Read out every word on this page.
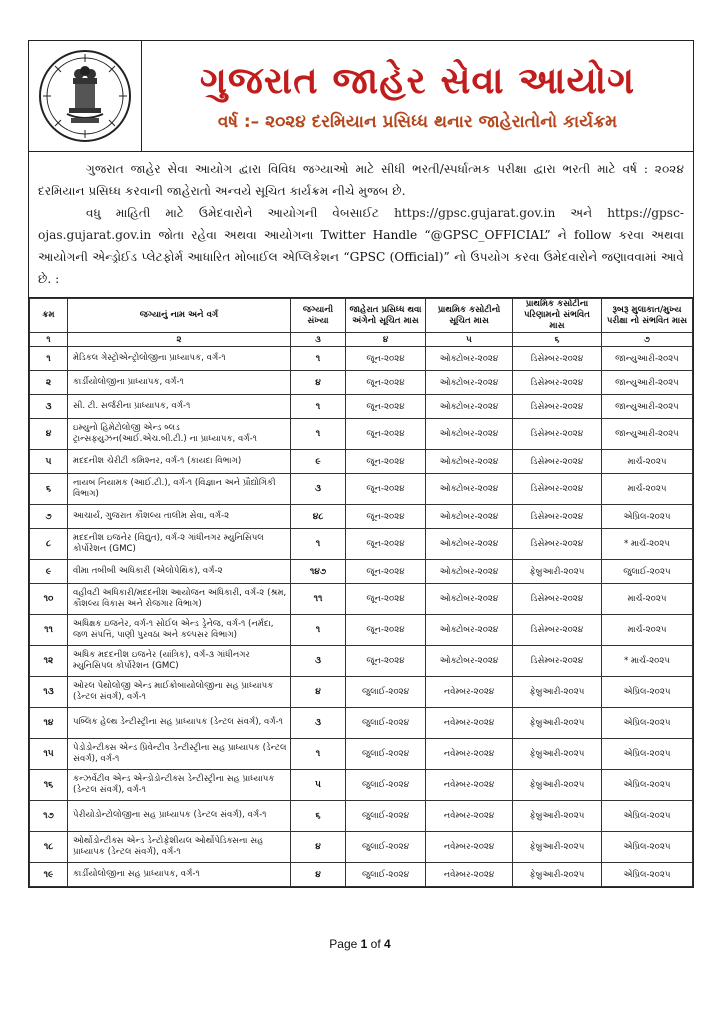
ગુજરાત જાહેર સેવા આયોગ
વર્ષ :– ૨૦૨૪ દરમિયાન પ્રસિધ્ધ થનાર જાહેરાતોનો કાર્યક્રમ

ગુજરાત જાહેર સેવા આયોગ દ્વારા વિવિધ જગ્યાઓ માટે સીધી ભરતી/સ્પર્ધાત્મક પરીક્ષા દ્વારા ભરતી માટે વર્ષ : ૨૦૨૪ દરમિયાન પ્રસિધ્ધ કરવાની જાહેરાતો અન્વયે સૂચિત કાર્યક્રમ નીચે મુજબ છે.

વધુ માહિતી માટે ઉમેદવારોને આયોગની વેબસાઈટ https://gpsc.gujarat.gov.in અને https://gpsc-ojas.gujarat.gov.in જોતા રહેવા અથવા આયોગના Twitter Handle “@GPSC_OFFICIAL” ને follow કરવા અથવા આયોગની એન્ડ્રોઈડ પ્લેટફોર્મ આધારિત મોબાઈલ એપ્લિકેશન “GPSC (Official)” નો ઉપયોગ કરવા ઉમેદવારોને જણાવવામાં આવે છે. :

ક્રમ	જગ્યાનું નામ અને વર્ગ	જગ્યાની સંખ્યા	જાહેરાત પ્રસિધ્ધ થવા અંગેનો સૂચિત માસ	પ્રાથમિક કસોટીનો સૂચિત માસ	પ્રાથમિક કસોટીના પરિણામનો સંભવિત માસ	રૂબરૂ મુલાકાત/મુખ્ય પરીક્ષા નો સંભવિત માસ
૧	૨	૩	૪	૫	૬	૭
૧	મેડિકલ ગેસ્ટ્રોએન્ટ્રોલોજીના પ્રાધ્યાપક, વર્ગ-૧	૧	જૂન-૨૦૨૪	ઓક્ટોબર-૨૦૨૪	ડિસેમ્બર-૨૦૨૪	જાન્યુઆરી-૨૦૨૫
૨	કાર્ડીયોલોજીના પ્રાધ્યાપક, વર્ગ-૧	૪	જૂન-૨૦૨૪	ઓક્ટોબર-૨૦૨૪	ડિસેમ્બર-૨૦૨૪	જાન્યુઆરી-૨૦૨૫
૩	સી. ટી. સર્જરીના પ્રાધ્યાપક, વર્ગ-૧	૧	જૂન-૨૦૨૪	ઓક્ટોબર-૨૦૨૪	ડિસેમ્બર-૨૦૨૪	જાન્યુઆરી-૨૦૨૫
૪	ઇમ્યુનો હિમેટોલોજી એન્ડ બ્લડ ટ્રાન્સફ્યુઝન(આઈ.એચ.બી.ટી.) ના પ્રાધ્યાપક, વર્ગ-૧	૧	જૂન-૨૦૨૪	ઓક્ટોબર-૨૦૨૪	ડિસેમ્બર-૨૦૨૪	જાન્યુઆરી-૨૦૨૫
૫	મદદનીશ ચેરીટી કમિશ્નર, વર્ગ-૧ (કાયદા વિભાગ)	૯	જૂન-૨૦૨૪	ઓક્ટોબર-૨૦૨૪	ડિસેમ્બર-૨૦૨૪	માર્ચ-૨૦૨૫
૬	નાયબ નિયામક (આઈ.ટી.), વર્ગ-૧ (વિજ્ઞાન અને પ્રૌદ્યોગિકી વિભાગ)	૩	જૂન-૨૦૨૪	ઓક્ટોબર-૨૦૨૪	ડિસેમ્બર-૨૦૨૪	માર્ચ-૨૦૨૫
૭	આચાર્ય, ગુજરાત કૌશલ્ય તાલીમ સેવા, વર્ગ-૨	૪૮	જૂન-૨૦૨૪	ઓક્ટોબર-૨૦૨૪	ડિસેમ્બર-૨૦૨૪	એપ્રિલ-૨૦૨૫
૮	મદદનીશ ઇજનેર (વિદ્યુત), વર્ગ-૨ ગાંધીનગર મ્યુનિસિપલ કોર્પોરેશન (GMC)	૧	જૂન-૨૦૨૪	ઓક્ટોબર-૨૦૨૪	ડિસેમ્બર-૨૦૨૪	* માર્ચ-૨૦૨૫
૯	વીમા તબીબી અધિકારી (એલોપેથિક), વર્ગ-૨	૧૪૭	જૂન-૨૦૨૪	ઓક્ટોબર-૨૦૨૪	ફેબ્રુઆરી-૨૦૨૫	જુલાઈ-૨૦૨૫
૧૦	વહીવટી અધિકારી/મદદનીશ આયોજન અધિકારી, વર્ગ-૨ (શ્રમ, કૌશલ્ય વિકાસ અને રોજગાર વિભાગ)	૧૧	જૂન-૨૦૨૪	ઓક્ટોબર-૨૦૨૪	ડિસેમ્બર-૨૦૨૪	માર્ચ-૨૦૨૫
૧૧	અધિક્ષક ઇજનેર, વર્ગ-૧ સોઈલ એન્ડ ડ્રેનેજ, વર્ગ-૧ (નર્મદા, જળ સંપત્તિ, પાણી પુરવઠા અને કલ્પસર વિભાગ)	૧	જૂન-૨૦૨૪	ઓક્ટોબર-૨૦૨૪	ડિસેમ્બર-૨૦૨૪	માર્ચ-૨૦૨૫
૧૨	અધિક મદદનીશ ઇજનેર (યાંત્રિક), વર્ગ-૩ ગાંધીનગર મ્યુનિસિપલ કોર્પોરેશન (GMC)	૩	જૂન-૨૦૨૪	ઓક્ટોબર-૨૦૨૪	ડિસેમ્બર-૨૦૨૪	* માર્ચ-૨૦૨૫
૧૩	ઓરલ પેથોલોજી એન્ડ માઈક્રોબાયોલોજીના સહ પ્રાધ્યાપક (ડેન્ટલ સંવર્ગ), વર્ગ-૧	૪	જુલાઈ-૨૦૨૪	નવેમ્બર-૨૦૨૪	ફેબ્રુઆરી-૨૦૨૫	એપ્રિલ-૨૦૨૫
૧૪	પબ્લિક હેલ્થ ડેન્ટીસ્ટ્રીના સહ પ્રાધ્યાપક (ડેન્ટલ સંવર્ગ), વર્ગ-૧	૩	જુલાઈ-૨૦૨૪	નવેમ્બર-૨૦૨૪	ફેબ્રુઆરી-૨૦૨૫	એપ્રિલ-૨૦૨૫
૧૫	પેડોડોન્ટીક્સ એન્ડ પ્રિવેન્ટીવ ડેન્ટીસ્ટ્રીના સહ પ્રાધ્યાપક (ડેન્ટલ સંવર્ગ), વર્ગ-૧	૧	જુલાઈ-૨૦૨૪	નવેમ્બર-૨૦૨૪	ફેબ્રુઆરી-૨૦૨૫	એપ્રિલ-૨૦૨૫
૧૬	કન્ઝર્વેટીવ એન્ડ એન્ડોડોન્ટીક્સ ડેન્ટીસ્ટ્રીના સહ પ્રાધ્યાપક (ડેન્ટલ સંવર્ગ), વર્ગ-૧	૫	જુલાઈ-૨૦૨૪	નવેમ્બર-૨૦૨૪	ફેબ્રુઆરી-૨૦૨૫	એપ્રિલ-૨૦૨૫
૧૭	પેરીયોડોન્ટોલોજીના સહ પ્રાધ્યાપક (ડેન્ટલ સંવર્ગ), વર્ગ-૧	૬	જુલાઈ-૨૦૨૪	નવેમ્બર-૨૦૨૪	ફેબ્રુઆરી-૨૦૨૫	એપ્રિલ-૨૦૨૫
૧૮	ઓર્થોડોન્ટીક્સ એન્ડ ડેન્ટોફેશીયલ ઓર્થોપેડિક્સના સહ પ્રાધ્યાપક (ડેન્ટલ સંવર્ગ), વર્ગ-૧	૪	જુલાઈ-૨૦૨૪	નવેમ્બર-૨૦૨૪	ફેબ્રુઆરી-૨૦૨૫	એપ્રિલ-૨૦૨૫
૧૯	કાર્ડીયોલોજીના સહ પ્રાધ્યાપક, વર્ગ-૧	૪	જુલાઈ-૨૦૨૪	નવેમ્બર-૨૦૨૪	ફેબ્રુઆરી-૨૦૨૫	એપ્રિલ-૨૦૨૫
Page 1 of 4
